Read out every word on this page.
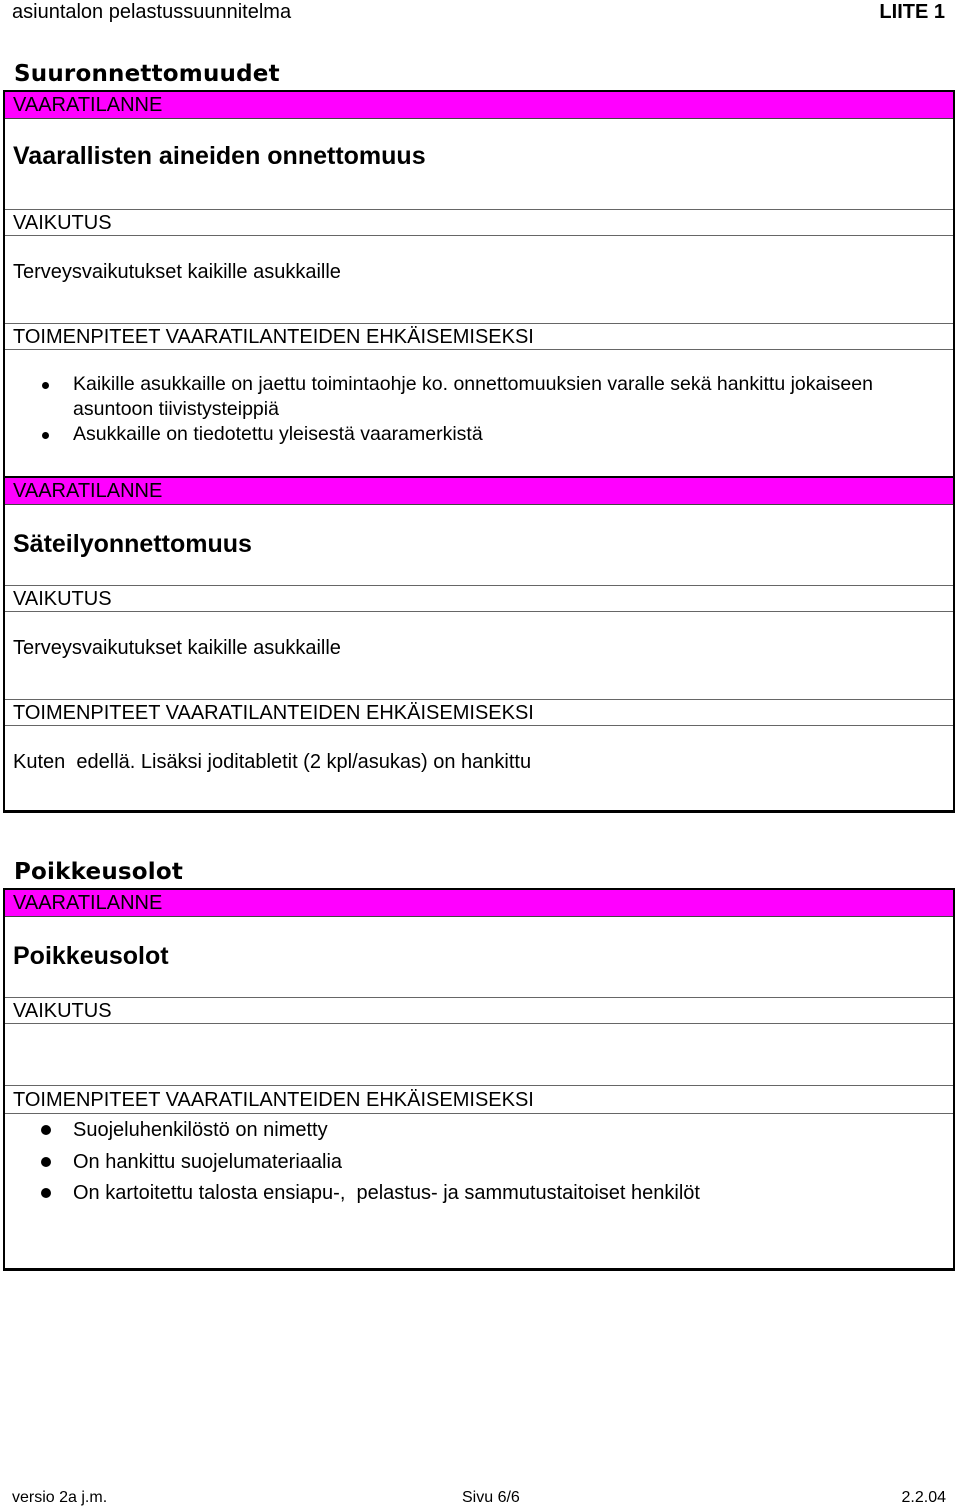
asiuntalon pelastussuunnitelma	LIITE 1
Suuronnettomuudet
VAARATILANNE
Vaarallisten aineiden onnettomuus
VAIKUTUS
Terveysvaikutukset kaikille asukkaille
TOIMENPITEET VAARATILANTEIDEN EHKÄISEMISEKSI
Kaikille asukkaille on jaettu toimintaohje ko. onnettomuuksien varalle sekä hankittu jokaiseen asuntoon tiivistysteippiä
Asukkaille on tiedotettu yleisestä vaaramerkistä
VAARATILANNE
Säteilyonnettomuus
VAIKUTUS
Terveysvaikutukset kaikille asukkaille
TOIMENPITEET VAARATILANTEIDEN EHKÄISEMISEKSI
Kuten  edellä. Lisäksi joditabletit (2 kpl/asukas) on hankittu
Poikkeusolot
VAARATILANNE
Poikkeusolot
VAIKUTUS
TOIMENPITEET VAARATILANTEIDEN EHKÄISEMISEKSI
Suojeluhenkilöstö on nimetty
On hankittu suojelumateriaalia
On kartoitettu talosta ensiapu-,  pelastus- ja sammutustaitoiset henkilöt
versio 2a j.m.	Sivu 6/6	2.2.04
